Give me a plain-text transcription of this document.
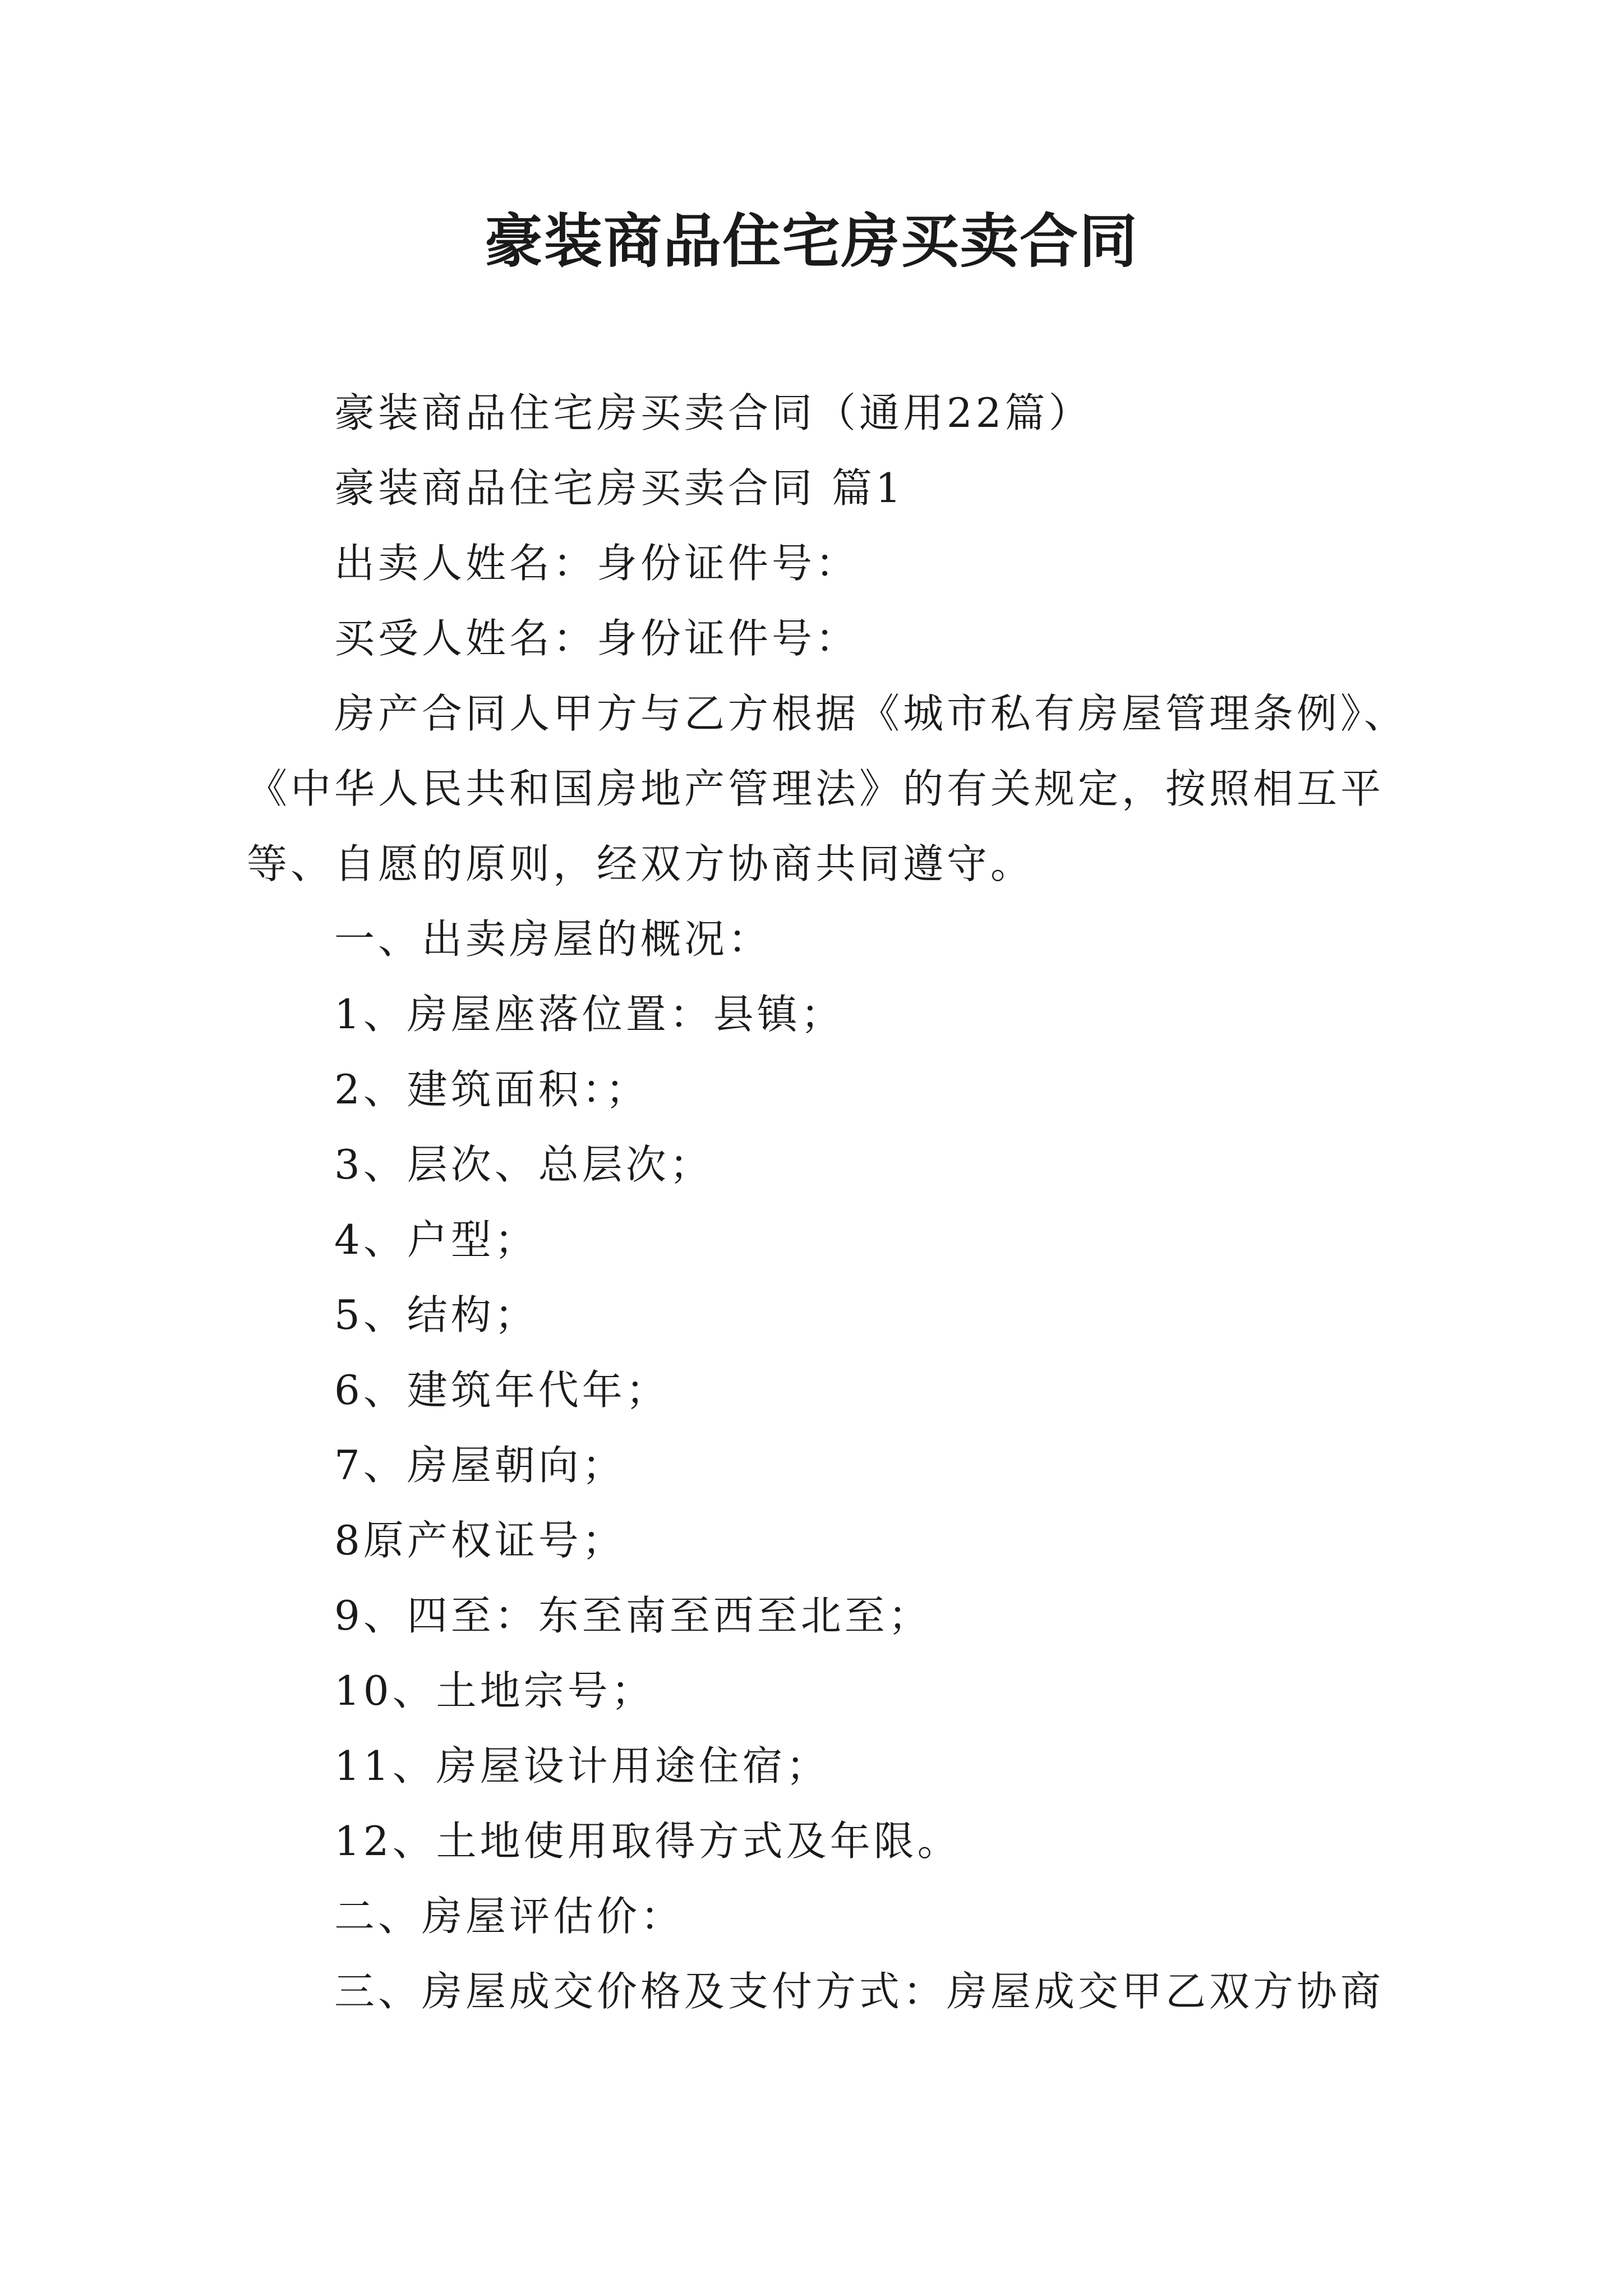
豪装商品住宅房买卖合同

豪装商品住宅房买卖合同（通用22篇）

豪装商品住宅房买卖合同 篇1

出卖人姓名：身份证件号：

买受人姓名：身份证件号：

房产合同人甲方与乙方根据《城市私有房屋管理条例》、

《中华人民共和国房地产管理法》的有关规定，按照相互平

等、自愿的原则，经双方协商共同遵守。

一、出卖房屋的概况：

1、房屋座落位置：县镇；

2、建筑面积：；

3、层次、总层次；

4、户型；

5、结构；

6、建筑年代年；

7、房屋朝向；

8原产权证号；

9、四至：东至南至西至北至；

10、土地宗号；

11、房屋设计用途住宿；

12、土地使用取得方式及年限。

二、房屋评估价：

三、房屋成交价格及支付方式：房屋成交甲乙双方协商
